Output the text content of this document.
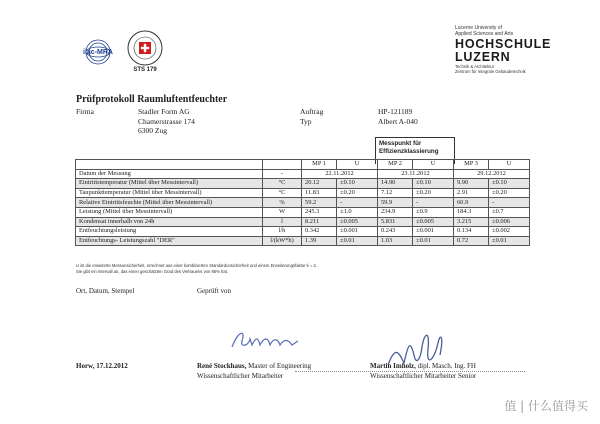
ilac-MRA
STS 179
Lucerne University of
Applied Sciences and Arts
HOCHSCHULE
LUZERN
Technik & Architektur
Zentrum für Integrale Gebäudetechnik
Prüfprotokoll Raumluftentfeuchter
Firma	Stadler Form AG
Chamerstrasse 174
6300 Zug
Auftrag	HP-121189
Typ	Albert A-040
Messpunkt für Effizienzklassierung
		MP 1	U	MP 2	U	MP 3	U
Datum der Messung	-	22.11.2012		23.11.2012		29.12.2012	
Eintrittstemperatur (Mittel über Messintervall)	°C	20.12	±0.10	14.90	±0.10	9.90	±0.10
Taupunkttemperatur (Mittel über Messintervall)	°C	11.83	±0.20	7.12	±0.20	2.91	±0.20
Relative Eintrittsfeuchte (Mittel über Messintervall)	%	59.2	-	59.9	-	60.9	-
Leistung (Mittel über Messintervall)	W	245.3	±1.0	234.9	±0.9	184.3	±0.7
Kondensat innerhalb von 24h	l	8.211	±0.005	5.831	±0.005	3.215	±0.006
Entfeuchtungsleistung	l/h	0.342	±0.001	0.243	±0.001	0.134	±0.002
Entfeuchtungs- Leistungszahl "DER"	l/(kW*h)	1.39	±0.01	1.03	±0.01	0.72	±0.01
U ist die erweiterte Messunsicherheit, errechnet aus einer kombinierten Standardunsicherheit und einem Erweiterungsfaktor k = 2.
Sie gibt ein Intervall an, das einen geschätzten Grad des Vertrauens von 95% hat.
Ort, Datum, Stempel	Geprüft von
Horw, 17.12.2012	René Stockhaus, Master of Engineering
Wissenschaftlicher Mitarbeiter
Martin Imholz, dipl. Masch. Ing. FH
Wissenschaftlicher Mitarbeiter Senior
值 | 什么值得买
